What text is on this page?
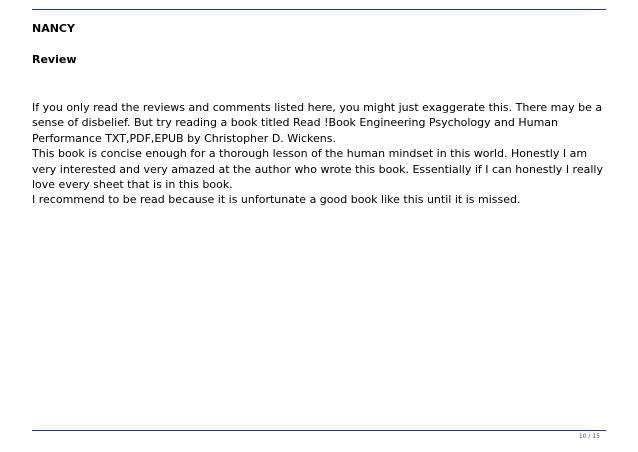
NANCY
Review

If you only read the reviews and comments listed here, you might just exaggerate this. There may be a sense of disbelief. But try reading a book titled Read !Book Engineering Psychology and Human Performance TXT,PDF,EPUB by Christopher D. Wickens.

This book is concise enough for a thorough lesson of the human mindset in this world. Honestly I am very interested and very amazed at the author who wrote this book. Essentially if I can honestly I really love every sheet that is in this book.

I recommend to be read because it is unfortunate a good book like this until it is missed.

10 / 15
